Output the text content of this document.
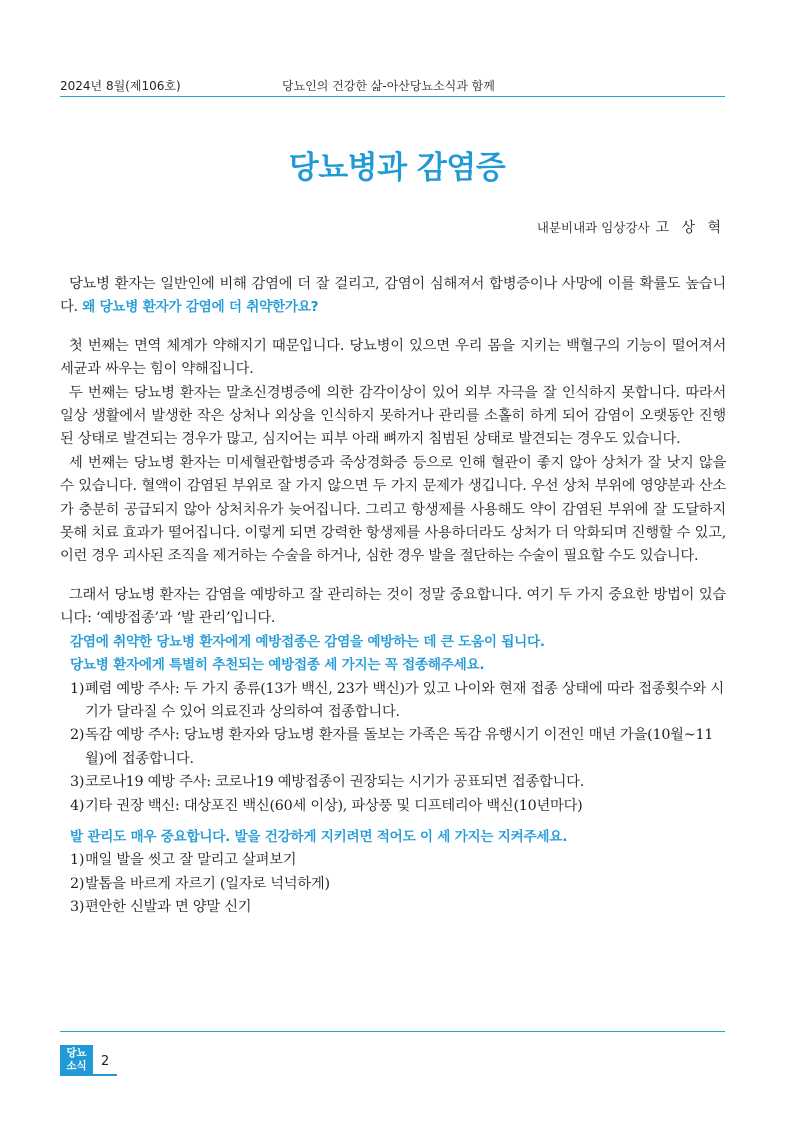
2024년 8월(제106호)	당뇨인의 건강한 삶-아산당뇨소식과 함께
당뇨병과 감염증
내분비내과 임상강사 고 상 혁

당뇨병 환자는 일반인에 비해 감염에 더 잘 걸리고, 감염이 심해져서 합병증이나 사망에 이를 확률도 높습니다. 왜 당뇨병 환자가 감염에 더 취약한가요?

첫 번째는 면역 체계가 약해지기 때문입니다. 당뇨병이 있으면 우리 몸을 지키는 백혈구의 기능이 떨어져서 세균과 싸우는 힘이 약해집니다.

두 번째는 당뇨병 환자는 말초신경병증에 의한 감각이상이 있어 외부 자극을 잘 인식하지 못합니다. 따라서 일상 생활에서 발생한 작은 상처나 외상을 인식하지 못하거나 관리를 소홀히 하게 되어 감염이 오랫동안 진행된 상태로 발견되는 경우가 많고, 심지어는 피부 아래 뼈까지 침범된 상태로 발견되는 경우도 있습니다.

세 번째는 당뇨병 환자는 미세혈관합병증과 죽상경화증 등으로 인해 혈관이 좋지 않아 상처가 잘 낫지 않을 수 있습니다. 혈액이 감염된 부위로 잘 가지 않으면 두 가지 문제가 생깁니다. 우선 상처 부위에 영양분과 산소가 충분히 공급되지 않아 상처치유가 늦어집니다. 그리고 항생제를 사용해도 약이 감염된 부위에 잘 도달하지 못해 치료 효과가 떨어집니다. 이렇게 되면 강력한 항생제를 사용하더라도 상처가 더 악화되며 진행할 수 있고, 이런 경우 괴사된 조직을 제거하는 수술을 하거나, 심한 경우 발을 절단하는 수술이 필요할 수도 있습니다.

그래서 당뇨병 환자는 감염을 예방하고 잘 관리하는 것이 정말 중요합니다. 여기 두 가지 중요한 방법이 있습니다: ‘예방접종’과 ‘발 관리’입니다.

감염에 취약한 당뇨병 환자에게 예방접종은 감염을 예방하는 데 큰 도움이 됩니다.

당뇨병 환자에게 특별히 추천되는 예방접종 세 가지는 꼭 접종해주세요.

1) 폐렴 예방 주사: 두 가지 종류(13가 백신, 23가 백신)가 있고 나이와 현재 접종 상태에 따라 접종횟수와 시기가 달라질 수 있어 의료진과 상의하여 접종합니다.
2) 독감 예방 주사: 당뇨병 환자와 당뇨병 환자를 돌보는 가족은 독감 유행시기 이전인 매년 가을(10월~11월)에 접종합니다.
3) 코로나19 예방 주사: 코로나19 예방접종이 권장되는 시기가 공표되면 접종합니다.
4) 기타 권장 백신: 대상포진 백신(60세 이상), 파상풍 및 디프테리아 백신(10년마다)

발 관리도 매우 중요합니다. 발을 건강하게 지키려면 적어도 이 세 가지는 지켜주세요.

1) 매일 발을 씻고 잘 말리고 살펴보기
2) 발톱을 바르게 자르기 (일자로 넉넉하게)
3) 편안한 신발과 면 양말 신기
당뇨
소식	2
